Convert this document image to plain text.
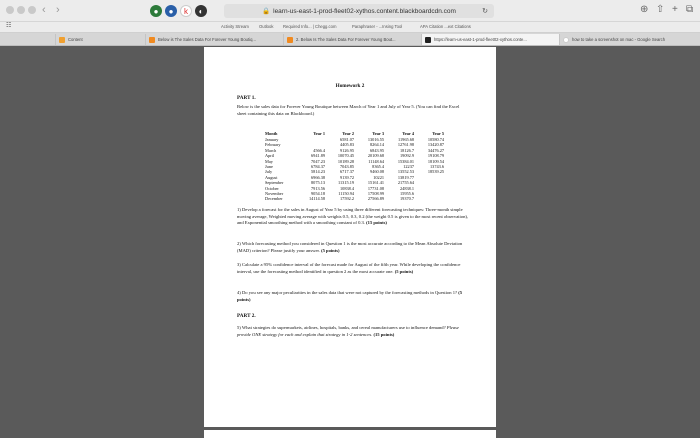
‹ ›	●	●	k	◐	🔒 learn-us-east-1-prod-fleet02-xythos.content.blackboardcdn.com	↻	⊕ ⇧ + ⧉
☷	Activity Stream Outlook Required Info... | Chegg.com	Paraphraser - ...Insing Tool	APA Citation ...ext Citations
Content	Below is The Sales Data For Forever Young Boutiq...	2. Below Is The Sales Data For Forever Young Bout...	https://learn-us-east-1-prod-fleet02-xythos.conte...	how to take a screenshot on mac - Google Search
Homework 2
PART 1.
Below is the sales data for Forever Young Boutique between March of Year 1 and July of Year 5. (You can find the Excel sheet containing this data on Blackboard.)
Month	Year 1	Year 2	Year 3	Year 4	Year 5
January		6581.07	13016.55	11965.68	10580.74
February		4405.83	8264.14	12761.98	13420.87
March	4566.4	9126.95	6843.95	18126.7	34476.27
April	6941.89	10070.45	20109.68	19092.9	19108.79
May	7047.23	10189.28	11148.64	15384.01	18109.54
June	6784.37	7043.85	8365.4	12237	13743.6
July	5814.23	6717.37	9460.08	13552.53	18539.25
August	6966.38	9139.72	10221	13819.77	
September	8075.13	11315.19	15161.41	21755.64	
October	7913.56	10838.4	17731.08	24838.1	
November	9054.18	11150.94	17508.99	15955.6	
December	14114.58	17592.2	27566.89	19370.7	
1) Develop a forecast for the sales in August of Year 5 by using three different forecasting techniques: Three-month simple moving average, Weighted moving average with weights 0.5, 0.3, 0.2 (the weight 0.5 is given to the most recent observation), and Exponential smoothing method with a smoothing constant of 0.3. (15 points)
2) Which forecasting method you considered in Question 1 is the most accurate according to the Mean Absolute Deviation (MAD) criterion? Please justify your answer. (5 points)
3) Calculate a 95% confidence interval of the forecast made for August of the fifth year. While developing the confidence interval, use the forecasting method identified in question 2 as the most accurate one. (5 points)
4) Do you see any major peculiarities in the sales data that were not captured by the forecasting methods in Question 1? (5 points)
PART 2.
5) What strategies do supermarkets, airlines, hospitals, banks, and cereal manufacturers use to influence demand? Please provide ONE strategy for each and explain that strategy in 1-2 sentences. (15 points)
